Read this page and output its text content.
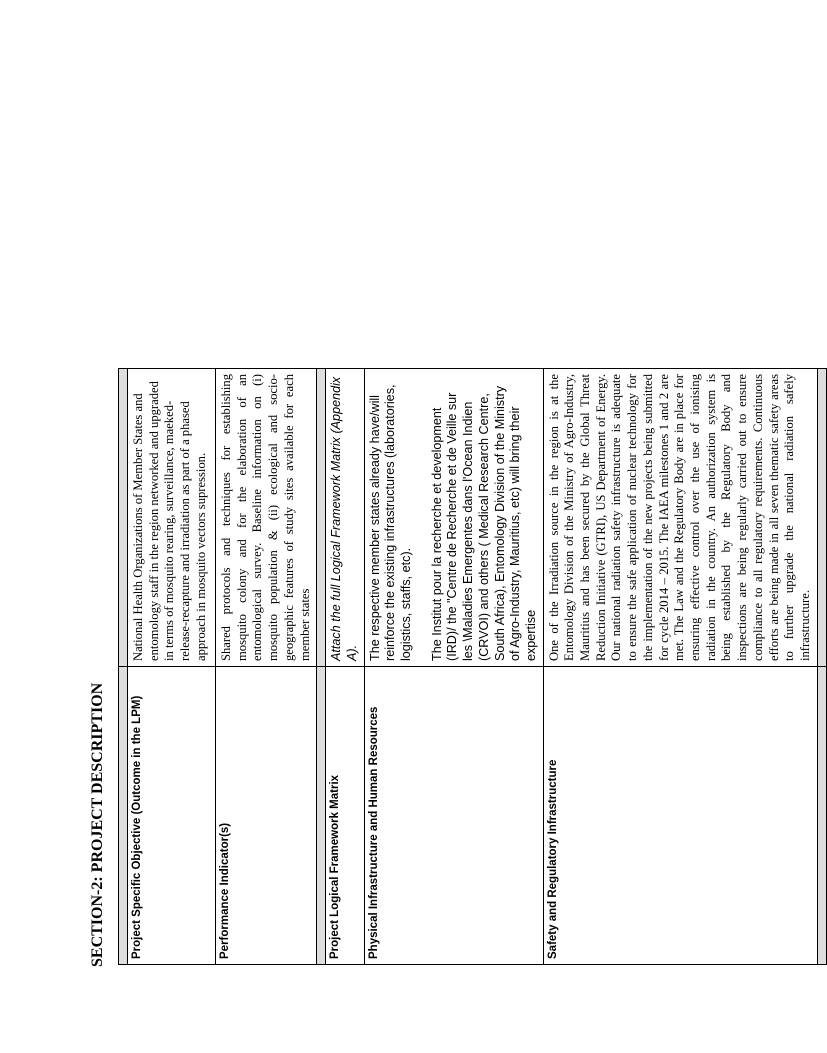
SECTION-2: PROJECT DESCRIPTION
	Project Specific Objective (Outcome in the LPM)	National Health Organizations of Member States and entomology staff in the region networked and upgraded in terms of mosquito rearing, surveillance, maeked-release-recapture and irradiation as part of a phased approach in mosquito vectors supression.
Performance Indicator(s)	Shared protocols and techniques for establishing mosquito colony and for the elaboration of an entomological survey. Baseline information on (i) mosquito population & (ii) ecological and socio-geographic features of study sites available for each member states

Project Logical Framework Matrix	Attach the full Logical Framework Matrix (Appendix A).
Physical Infrastructure and Human Resources	The respective member states already have/will reinforce the existing infrastructures (laboratories, logistics, staffs, etc). The Institut pour la recherche et development (IRD)/ the "Centre de Recherche et de Veille sur les \Maladies Emergentes dans l'Ocean Indien (CRVOI) and others ( Medical Research Centre, South Africa), Entomology Division of the Ministry of Agro-Industry, Mauritius, etc) will bring their expertise

Safety and Regulatory Infrastructure	One of the Irradiation source in the region is at the Entomology Division of the Ministry of Agro-Industry, Mauritius and has been secured by the Global Threat Reduction Initiative (GTRI), US Department of Energy. Our national radiation safety infrastructure is adequate to ensure the safe application of nuclear technology for the implementation of the new projects being submitted for cycle 2014 – 2015. The IAEA milestones 1 and 2 are met. The Law and the Regulatory Body are in place for ensuring effective control over the use of ionising radiation in the country. An authorization system is being established by the Regulatory Body and inspections are being regularly carried out to ensure compliance to all regulatory requirements. Continuous efforts are being made in all seven thematic safety areas to further upgrade the national radiation safely infrastructure.
